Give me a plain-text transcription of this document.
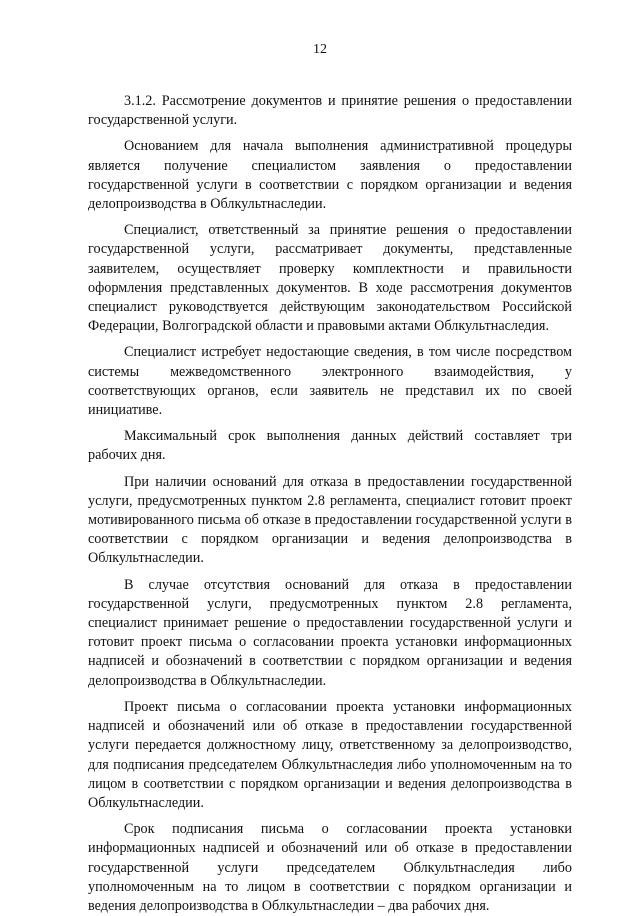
12

3.1.2. Рассмотрение документов и принятие решения о предоставлении государственной услуги.

Основанием для начала выполнения административной процедуры является получение специалистом заявления о предоставлении государственной услуги в соответствии с порядком организации и ведения делопроизводства в Облкультнаследии.

Специалист, ответственный за принятие решения о предоставлении государственной услуги, рассматривает документы, представленные заявителем, осуществляет проверку комплектности и правильности оформления представленных документов. В ходе рассмотрения документов специалист руководствуется действующим законодательством Российской Федерации, Волгоградской области и правовыми актами Облкультнаследия.

Специалист истребует недостающие сведения, в том числе посредством системы межведомственного электронного взаимодействия, у соответствующих органов, если заявитель не представил их по своей инициативе.

Максимальный срок выполнения данных действий составляет три рабочих дня.

При наличии оснований для отказа в предоставлении государственной услуги, предусмотренных пунктом 2.8 регламента, специалист готовит проект мотивированного письма об отказе в предоставлении государственной услуги в соответствии с порядком организации и ведения делопроизводства в Облкультнаследии.

В случае отсутствия оснований для отказа в предоставлении государственной услуги, предусмотренных пунктом 2.8 регламента, специалист принимает решение о предоставлении государственной услуги и готовит проект письма о согласовании проекта установки информационных надписей и обозначений в соответствии с порядком организации и ведения делопроизводства в Облкультнаследии.

Проект письма о согласовании проекта установки информационных надписей и обозначений или об отказе в предоставлении государственной услуги передается должностному лицу, ответственному за делопроизводство, для подписания председателем Облкультнаследия либо уполномоченным на то лицом в соответствии с порядком организации и ведения делопроизводства в Облкультнаследии.

Срок подписания письма о согласовании проекта установки информационных надписей и обозначений или об отказе в предоставлении государственной услуги председателем Облкультнаследия либо уполномоченным на то лицом в соответствии с порядком организации и ведения делопроизводства в Облкультнаследии – два рабочих дня.
